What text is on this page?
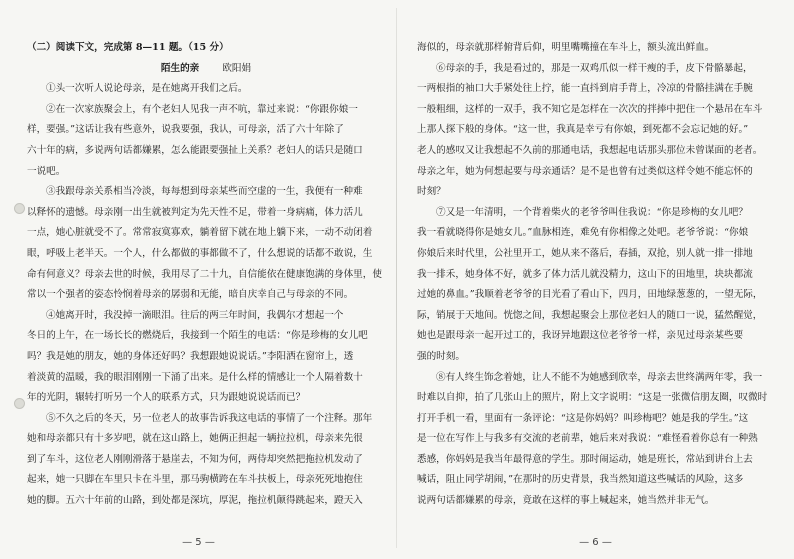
（二）阅读下文，完成第 8—11 题。（15 分）
陌生的亲 欧阳娟
①头一次听人说论母亲，是在她离开我们之后。
②在一次家族聚会上，有个老妇人见我一声不吭，靠过来说：“你跟你娘一
样，要强。”这话让我有些意外，说我要强，我认，可母亲，活了六十年除了
六十年的病，多说两句话都嫌累，怎么能跟要强扯上关系？老妇人的话只是随口
一说吧。
③我跟母亲关系相当冷淡，每每想到母亲某些而空虚的一生，我便有一种难
以释怀的遗憾。母亲刚一出生就被判定为先天性不足，带着一身病痛，体力活儿
一点，她心脏就受不了。常常寂寞寡欢，躺着留下就在地上躺下来，一动不动闭着
眼，呼吸上老半天。一个人，什么都做的事都做不了，什么想说的话都不敢说，生
命有何意义？母亲去世的时候，我用尽了二十九，自信能依在健康饱满的身体里，使
常以一个强者的姿态怜悯着母亲的孱弱和无能，暗自庆幸自己与母亲的不同。
④她离开时，我没掉一滴眼泪。往后的两三年时间，我偶尔才想起一个
冬日的上午，在一场长长的燃烧后，我接到一个陌生的电话：“你是珍梅的女儿吧
吗？我是她的朋友，她的身体还好吗？我想跟她说说话。”李阳洒在窗帘上，透
着淡黄的温暖，我的眼泪刚刚一下涌了出来。是什么样的情感让一个人隔着数十
年的光阴，辗转打听另一个人的联系方式，只为跟她说说话而已？
⑤不久之后的冬天，另一位老人的故事告诉我这电话的事情了一个注释。那年
她和母亲都只有十多岁吧，就在这山路上，她俩正担起一辆拉拉机，母亲来先很
到了车斗，这位老人刚刚滑落于悬崖去，不知为何，两侍却突然把拖拉机发动了
起来，她一只脚在车里只卡在斗里，那马驹横跨在车斗扶板上，母亲死死地抱住
她的脚。五六十年前的山路，到处都是深坑，厚泥，拖拉机颠得跳起来，蹬天入
— 5 —
海似的，母亲就那样俯背后仰，明里嘴嘴撞在车斗上，额头流出鲜血。
⑥母亲的手，我是看过的，那是一双鸡爪似一样干瘦的手，皮下骨骼暴起，
一两根指的袖口大手紧处往上拧，能一直抖到肩手背上，冷凉的骨骼挂满在手腕
一般粗细，这样的一双手，我不知它是怎样在一次次的拌捧中把住一个悬吊在车斗
上那人探下般的身体。“这一世，我真是幸亏有你娘，到死都不会忘记她的好。”
老人的感叹又让我想起不久前的那通电话，我想起电话那头那位未曾谋面的老者。
母亲之年，她为何想起要与母亲通话？是不是也曾有过类似这样令她不能忘怀的
时刻？
⑦又是一年清明，一个背着柴火的老爷爷叫住我说：“你是珍梅的女儿吧？
我一看就晓得你是她女儿。”血脉相连，难免有你相像之处吧。老爷爷说：“你娘
你娘后来时代里，公社里开工，她从来不落后，春插，双抢，别人就一排一排地
我一排禾，她身体不好，就多了体力活儿就没精力，这山下的田地里，块块都流
过她的鼻血。”我顺着老爷爷的目光看了看山下，四月，田地绿葱葱的，一望无际，
际，销展于天地间。恍惚之间，我想起聚会上那位老妇人的随口一说，猛然醒觉，
她也是跟母亲一起开过工的，我讶异地跟这位老爷爷一样，亲见过母亲某些要
强的时刻。
⑧有人终生饰念着她，让人不能不为她感到欣幸，母亲去世终满两年零，我一
时难以自抑，拍了几张山上的照片，附上文字说明：“这是一张微信朋友圈，叹微时
打开手机一看，里面有一条评论：“这是你妈妈？叫珍梅吧？她是我的学生。”这
是一位在写作上与我多有交流的老前辈，她后来对我说：“难怪看着你总有一种熟
悉感，你妈妈是我当年最得意的学生。那时闹运动，她是班长，常站到讲台上去
喊话，阻止同学胡闹，”在那时的历史背景，我当然知道这些喊话的风险，这多
说两句话都嫌累的母亲，竟敢在这样的事上喊起来，她当然并非无气。
— 6 —
